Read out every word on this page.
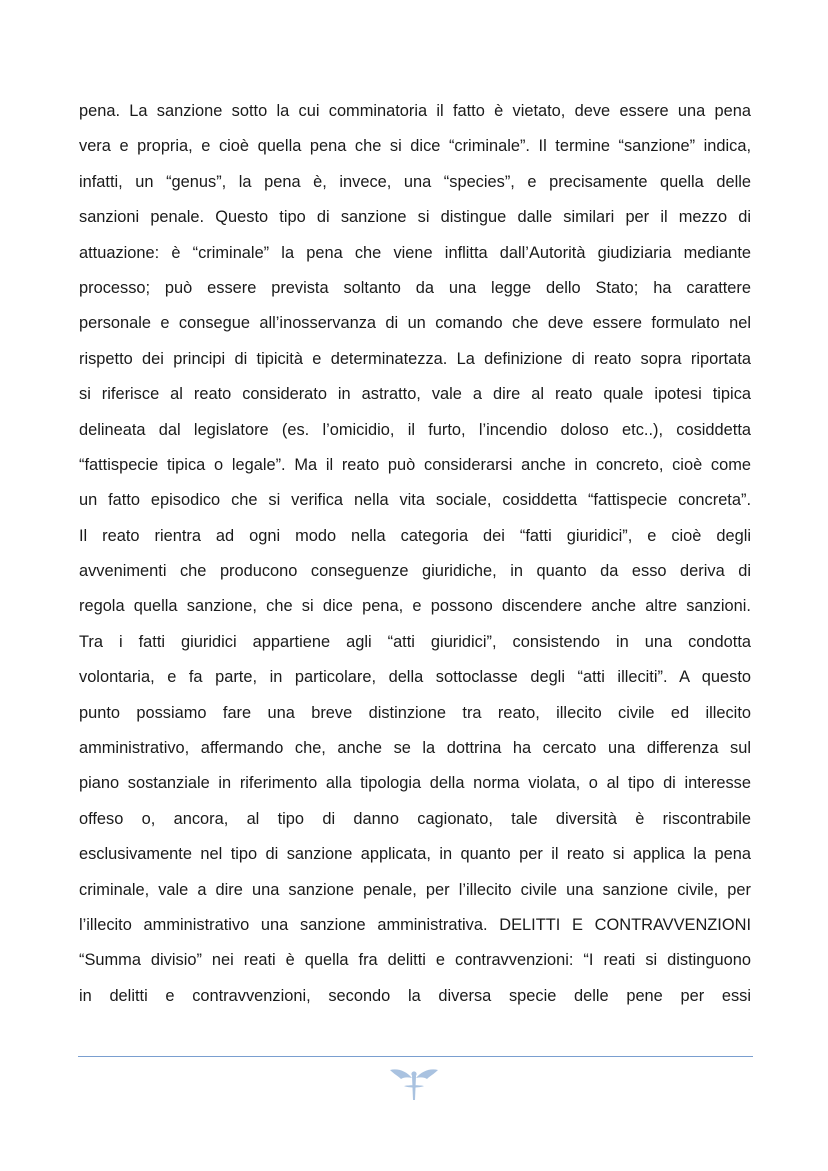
pena. La sanzione sotto la cui comminatoria il fatto è vietato, deve essere una pena
vera e propria, e cioè quella pena che si dice “criminale”. Il termine “sanzione” indica,
infatti, un “genus”, la pena è, invece, una “species”, e precisamente quella delle
sanzioni penale. Questo tipo di sanzione si distingue dalle similari per il mezzo di
attuazione: è “criminale” la pena che viene inflitta dall’Autorità giudiziaria mediante
processo; può essere prevista soltanto da una legge dello Stato; ha carattere
personale e consegue all’inosservanza di un comando che deve essere formulato nel
rispetto dei principi di tipicità e determinatezza. La definizione di reato sopra riportata
si riferisce al reato considerato in astratto, vale a dire al reato quale ipotesi tipica
delineata dal legislatore (es. l’omicidio, il furto, l’incendio doloso etc..), cosiddetta
“fattispecie tipica o legale”. Ma il reato può considerarsi anche in concreto, cioè come
un fatto episodico che si verifica nella vita sociale, cosiddetta “fattispecie concreta”.
Il reato rientra ad ogni modo nella categoria dei “fatti giuridici”, e cioè degli
avvenimenti che producono conseguenze giuridiche, in quanto da esso deriva di
regola quella sanzione, che si dice pena, e possono discendere anche altre sanzioni.
Tra i fatti giuridici appartiene agli “atti giuridici”, consistendo in una condotta
volontaria, e fa parte, in particolare, della sottoclasse degli “atti illeciti”. A questo
punto possiamo fare una breve distinzione tra reato, illecito civile ed illecito
amministrativo, affermando che, anche se la dottrina ha cercato una differenza sul
piano sostanziale in riferimento alla tipologia della norma violata, o al tipo di interesse
offeso o, ancora, al tipo di danno cagionato, tale diversità è riscontrabile
esclusivamente nel tipo di sanzione applicata, in quanto per il reato si applica la pena
criminale, vale a dire una sanzione penale, per l’illecito civile una sanzione civile, per
l’illecito amministrativo una sanzione amministrativa. DELITTI E CONTRAVVENZIONI
“Summa divisio” nei reati è quella fra delitti e contravvenzioni: “I reati si distinguono
in delitti e contravvenzioni, secondo la diversa specie delle pene per essi
